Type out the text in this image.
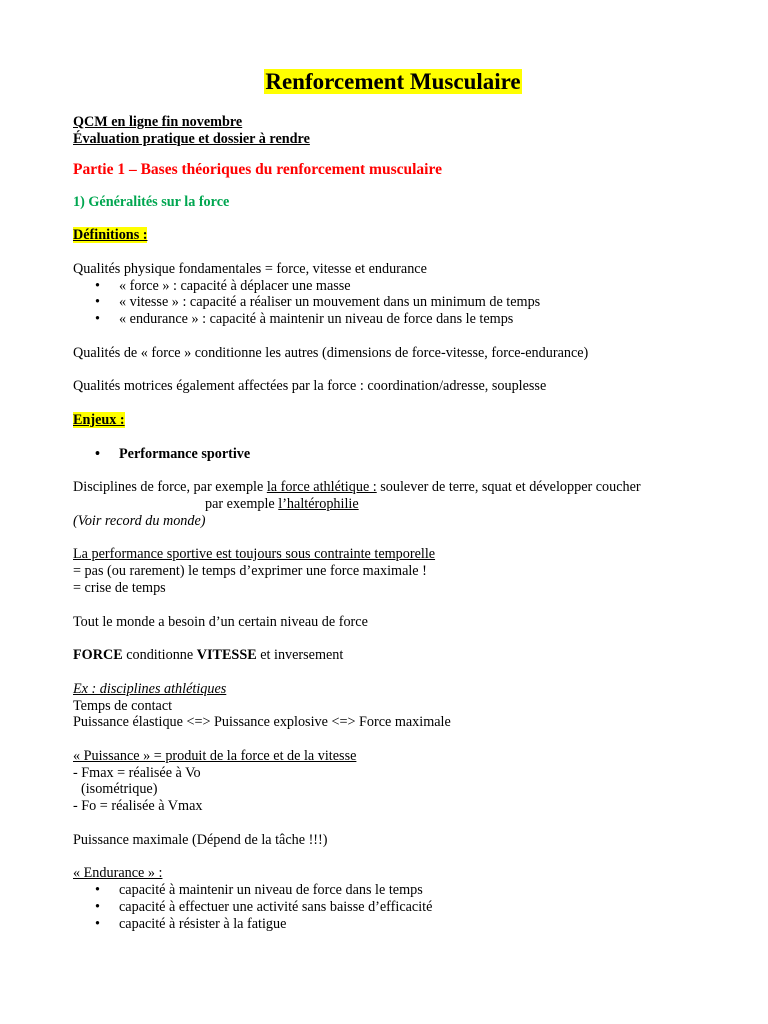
Renforcement Musculaire
QCM en ligne fin novembre
Évaluation pratique et dossier à rendre
Partie 1 – Bases théoriques du renforcement musculaire
1) Généralités sur la force
Définitions :
Qualités physique fondamentales = force, vitesse et endurance
• « force » : capacité à déplacer une masse
• « vitesse » : capacité a réaliser un mouvement dans un minimum de temps
• « endurance » : capacité à maintenir un niveau de force dans le temps
Qualités de « force » conditionne les autres (dimensions de force-vitesse, force-endurance)
Qualités motrices également affectées par la force : coordination/adresse, souplesse
Enjeux :
• Performance sportive
Disciplines de force, par exemple la force athlétique : soulever de terre, squat et développer coucher
par exemple l’haltérophilie
(Voir record du monde)
La performance sportive est toujours sous contrainte temporelle
= pas (ou rarement) le temps d’exprimer une force maximale !
= crise de temps
Tout le monde a besoin d’un certain niveau de force
FORCE conditionne VITESSE et inversement
Ex : disciplines athlétiques
Temps de contact
Puissance élastique <=> Puissance explosive <=> Force maximale
« Puissance » = produit de la force et de la vitesse
- Fmax = réalisée à Vo
(isométrique)
- Fo = réalisée à Vmax
Puissance maximale (Dépend de la tâche !!!)
« Endurance » :
• capacité à maintenir un niveau de force dans le temps
• capacité à effectuer une activité sans baisse d’efficacité
• capacité à résister à la fatigue
